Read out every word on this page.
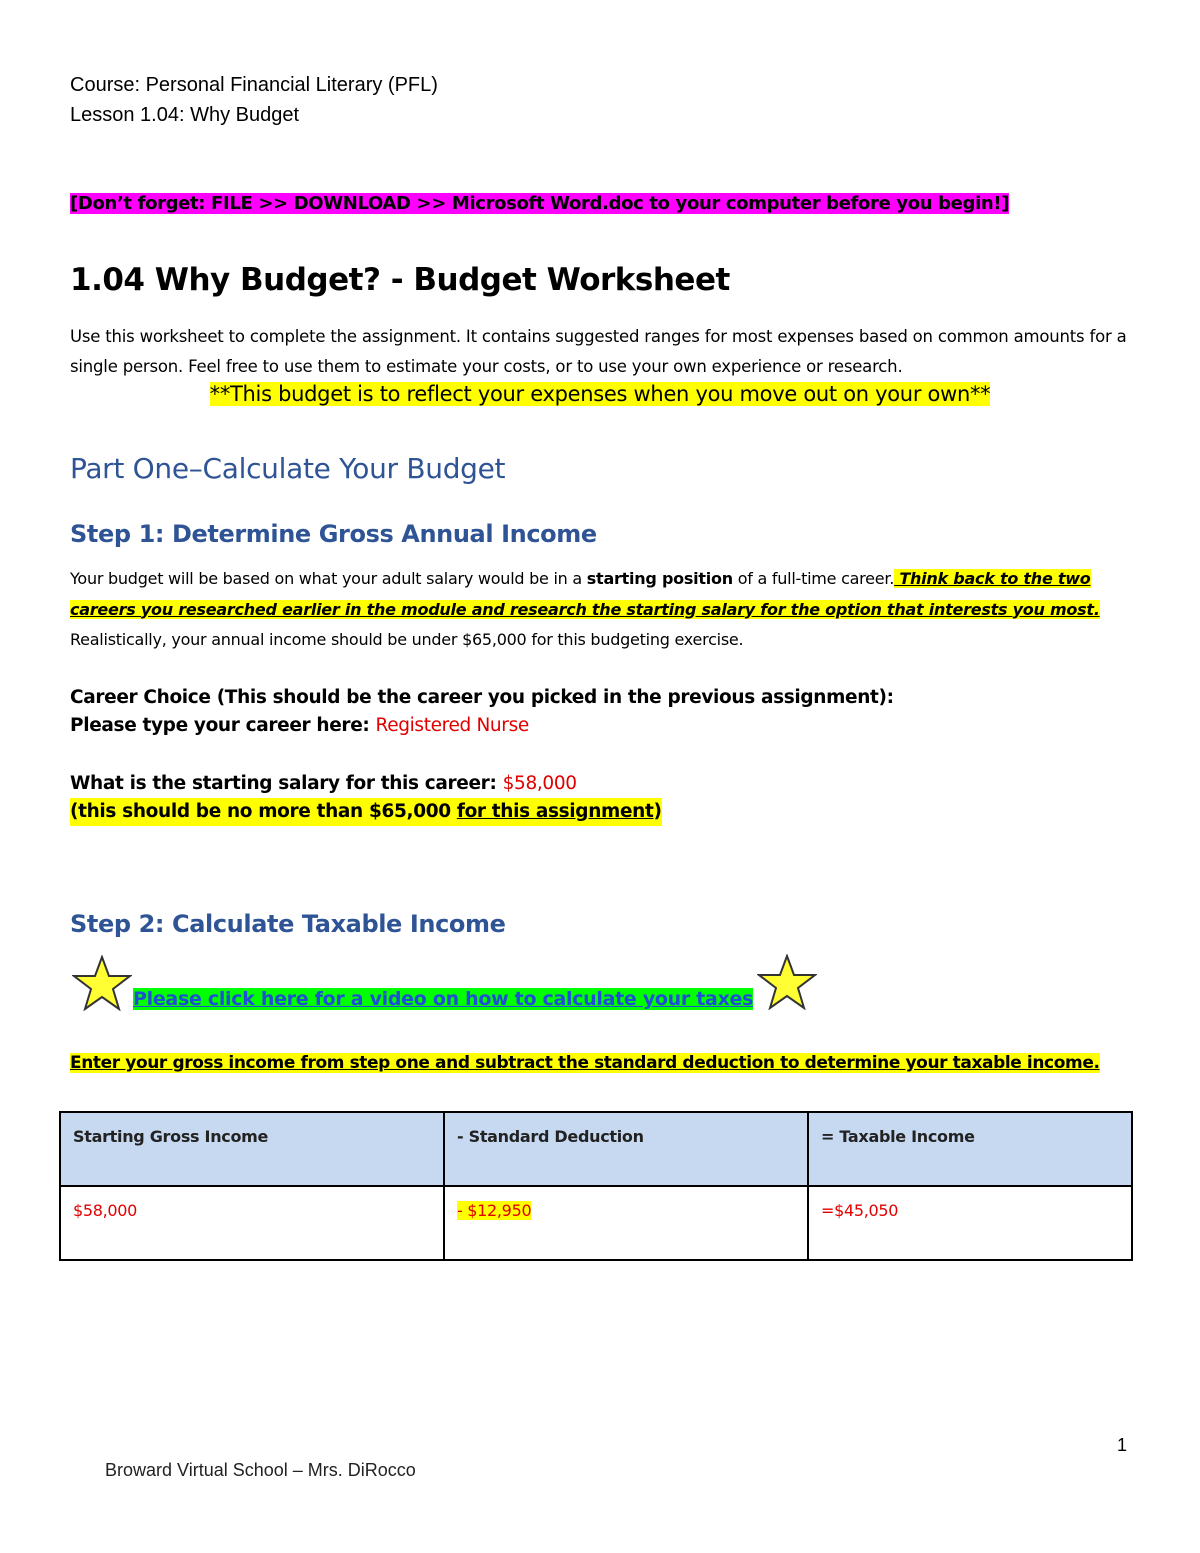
Course: Personal Financial Literary (PFL)
Lesson 1.04: Why Budget
[Don’t forget: FILE >> DOWNLOAD >> Microsoft Word.doc to your computer before you begin!]
1.04 Why Budget? - Budget Worksheet
Use this worksheet to complete the assignment. It contains suggested ranges for most expenses based on common amounts for a single person. Feel free to use them to estimate your costs, or to use your own experience or research.
**This budget is to reflect your expenses when you move out on your own**
Part One–Calculate Your Budget
Step 1: Determine Gross Annual Income
Your budget will be based on what your adult salary would be in a starting position of a full-time career. Think back to the two careers you researched earlier in the module and research the starting salary for the option that interests you most. Realistically, your annual income should be under $65,000 for this budgeting exercise.
Career Choice (This should be the career you picked in the previous assignment):
Please type your career here: Registered Nurse
What is the starting salary for this career: $58,000
(this should be no more than $65,000 for this assignment)
Step 2: Calculate Taxable Income
Please click here for a video on how to calculate your taxes
Enter your gross income from step one and subtract the standard deduction to determine your taxable income.
Starting Gross Income	- Standard Deduction	= Taxable Income
$58,000	- $12,950	=$45,050
1
Broward Virtual School – Mrs. DiRocco
